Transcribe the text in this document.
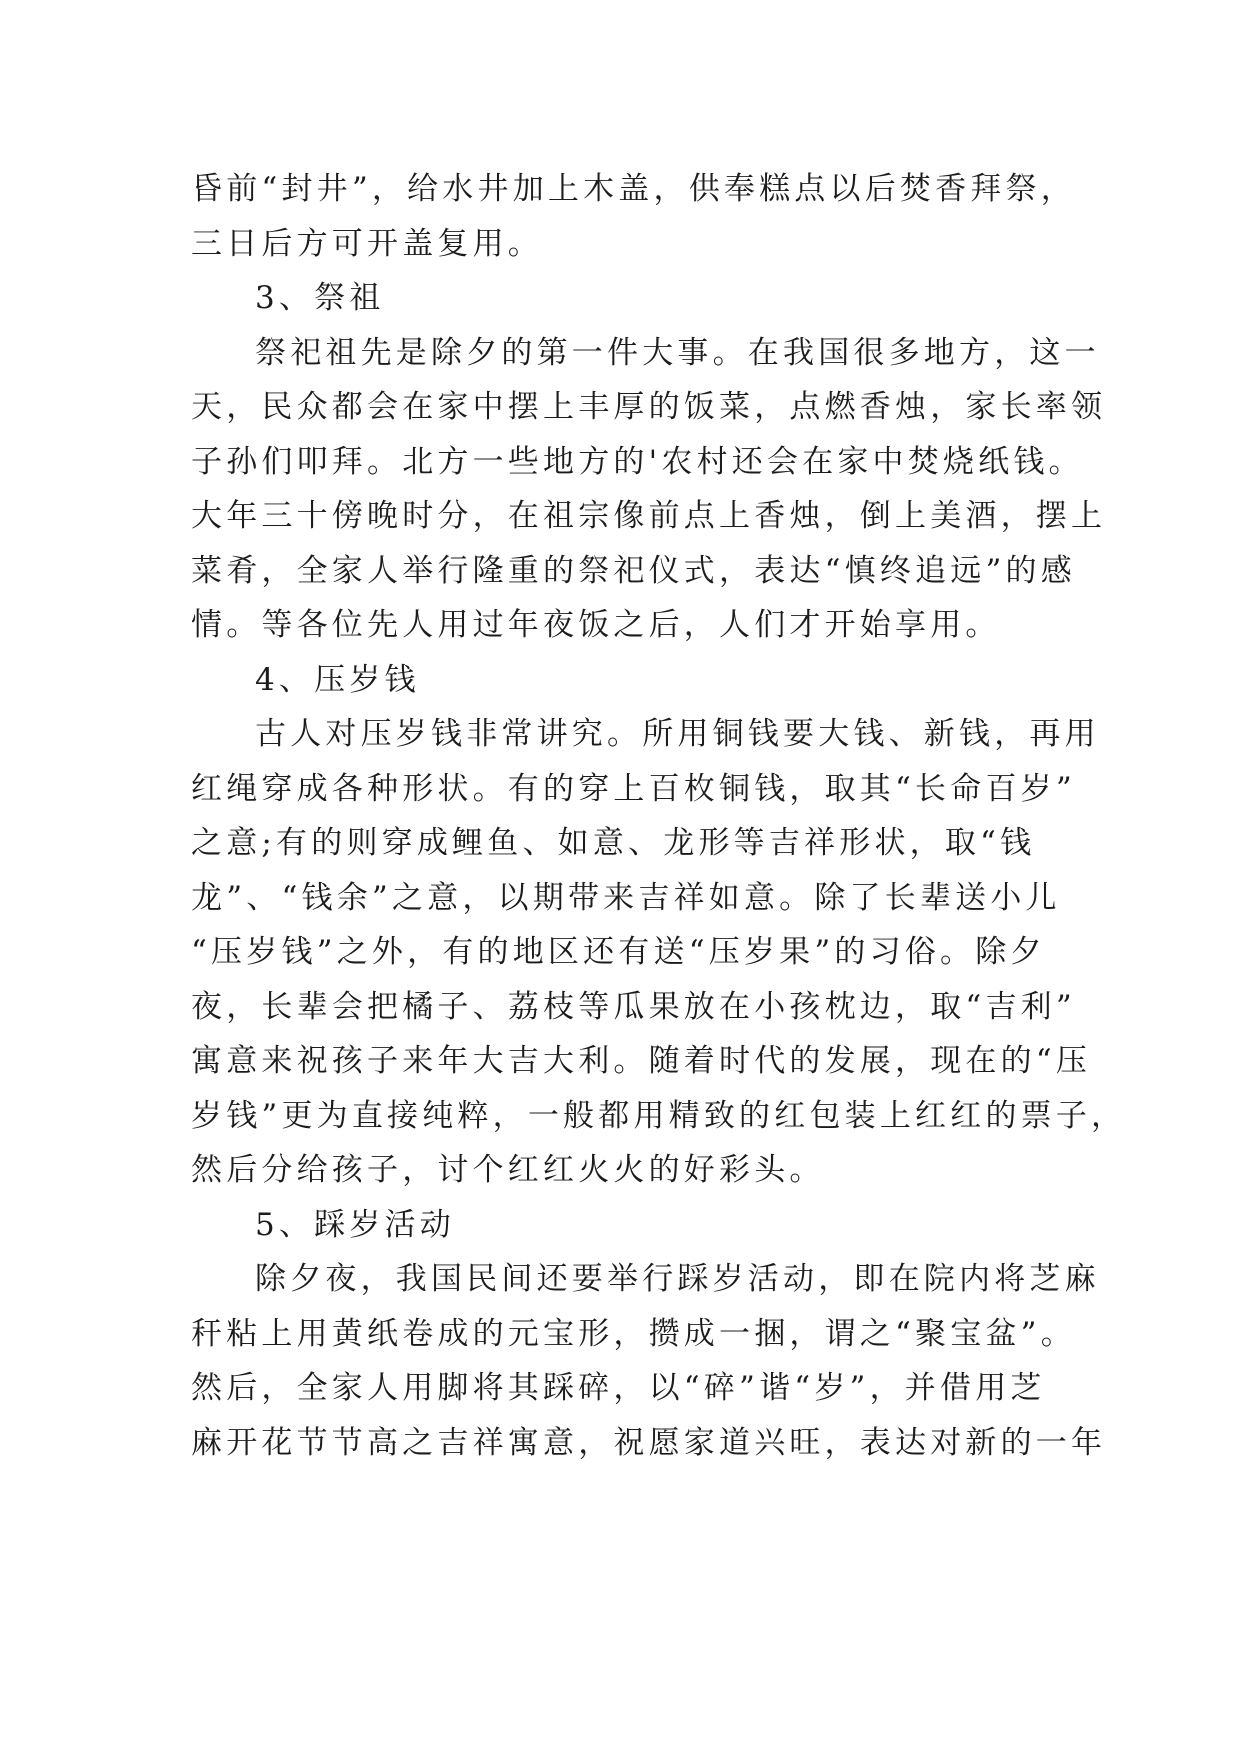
昏前“封井”，给水井加上木盖，供奉糕点以后焚香拜祭，
三日后方可开盖复用。
3、祭祖
祭祀祖先是除夕的第一件大事。在我国很多地方，这一
天，民众都会在家中摆上丰厚的饭菜，点燃香烛，家长率领
子孙们叩拜。北方一些地方的'农村还会在家中焚烧纸钱。
大年三十傍晚时分，在祖宗像前点上香烛，倒上美酒，摆上
菜肴，全家人举行隆重的祭祀仪式，表达“慎终追远”的感
情。等各位先人用过年夜饭之后，人们才开始享用。
4、压岁钱
古人对压岁钱非常讲究。所用铜钱要大钱、新钱，再用
红绳穿成各种形状。有的穿上百枚铜钱，取其“长命百岁”
之意;有的则穿成鲤鱼、如意、龙形等吉祥形状，取“钱
龙”、“钱余”之意，以期带来吉祥如意。除了长辈送小儿
“压岁钱”之外，有的地区还有送“压岁果”的习俗。除夕
夜，长辈会把橘子、荔枝等瓜果放在小孩枕边，取“吉利”
寓意来祝孩子来年大吉大利。随着时代的发展，现在的“压
岁钱”更为直接纯粹，一般都用精致的红包装上红红的票子，
然后分给孩子，讨个红红火火的好彩头。
5、踩岁活动
除夕夜，我国民间还要举行踩岁活动，即在院内将芝麻
秆粘上用黄纸卷成的元宝形，攒成一捆，谓之“聚宝盆”。
然后，全家人用脚将其踩碎，以“碎”谐“岁”，并借用芝
麻开花节节高之吉祥寓意，祝愿家道兴旺，表达对新的一年
